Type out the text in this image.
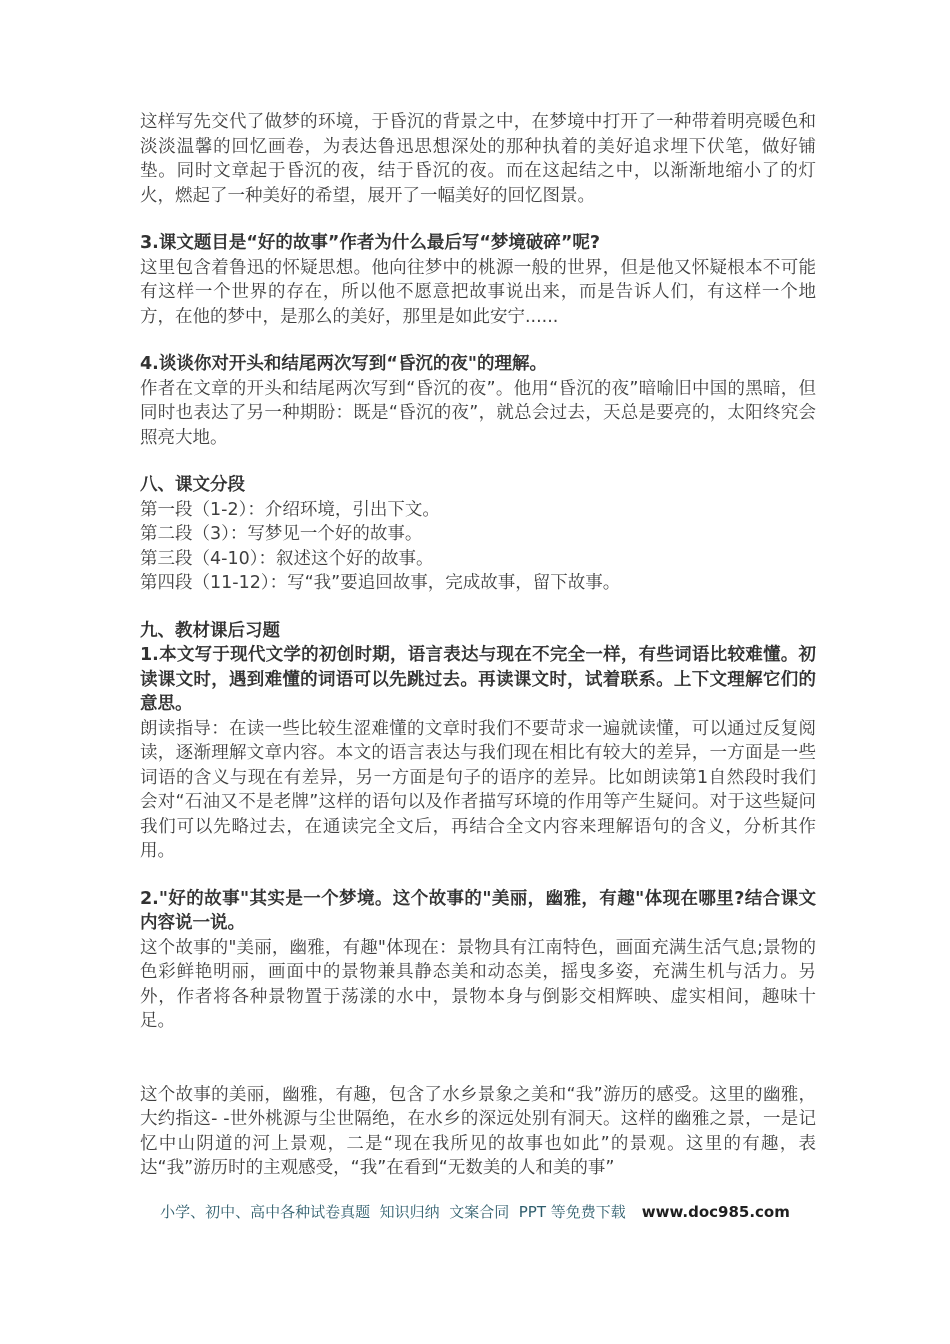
这样写先交代了做梦的环境，于昏沉的背景之中，在梦境中打开了一种带着明亮暖色和淡淡温馨的回忆画卷，为表达鲁迅思想深处的那种执着的美好追求埋下伏笔，做好铺垫。同时文章起于昏沉的夜，结于昏沉的夜。而在这起结之中，以渐渐地缩小了的灯火，燃起了一种美好的希望，展开了一幅美好的回忆图景。

3.课文题目是“好的故事”作者为什么最后写“梦境破碎”呢?

这里包含着鲁迅的怀疑思想。他向往梦中的桃源一般的世界，但是他又怀疑根本不可能有这样一个世界的存在，所以他不愿意把故事说出来，而是告诉人们，有这样一个地方，在他的梦中，是那么的美好，那里是如此安宁......

4.谈谈你对开头和结尾两次写到“昏沉的夜"的理解。

作者在文章的开头和结尾两次写到“昏沉的夜”。他用“昏沉的夜”暗喻旧中国的黑暗，但同时也表达了另一种期盼：既是“昏沉的夜”，就总会过去，天总是要亮的，太阳终究会照亮大地。

八、课文分段

第一段（1-2）：介绍环境，引出下文。

第二段（3）：写梦见一个好的故事。

第三段（4-10）：叙述这个好的故事。

第四段（11-12）：写“我”要追回故事，完成故事，留下故事。

九、教材课后习题

1.本文写于现代文学的初创时期，语言表达与现在不完全一样，有些词语比较难懂。初读课文时，遇到难懂的词语可以先跳过去。再读课文时，试着联系。上下文理解它们的意思。

朗读指导：在读一些比较生涩难懂的文章时我们不要苛求一遍就读懂，可以通过反复阅读，逐渐理解文章内容。本文的语言表达与我们现在相比有较大的差异，一方面是一些词语的含义与现在有差异，另一方面是句子的语序的差异。比如朗读第1自然段时我们会对“石油又不是老牌”这样的语句以及作者描写环境的作用等产生疑问。对于这些疑问我们可以先略过去，在通读完全文后，再结合全文内容来理解语句的含义，分析其作用。

2."好的故事"其实是一个梦境。这个故事的"美丽，幽雅，有趣"体现在哪里?结合课文内容说一说。

这个故事的"美丽，幽雅，有趣"体现在：景物具有江南特色，画面充满生活气息;景物的色彩鲜艳明丽，画面中的景物兼具静态美和动态美，摇曳多姿，充满生机与活力。另外，作者将各种景物置于荡漾的水中，景物本身与倒影交相辉映、虚实相间，趣味十足。

这个故事的美丽，幽雅，有趣，包含了水乡景象之美和“我”游历的感受。这里的幽雅，大约指这- -世外桃源与尘世隔绝，在水乡的深远处别有洞天。这样的幽雅之景，一是记忆中山阴道的河上景观，二是“现在我所见的故事也如此”的景观。这里的有趣，表达“我”游历时的主观感受，“我”在看到“无数美的人和美的事”

小学、初中、高中各种试卷真题  知识归纳  文案合同  PPT 等免费下载 www.doc985.com
